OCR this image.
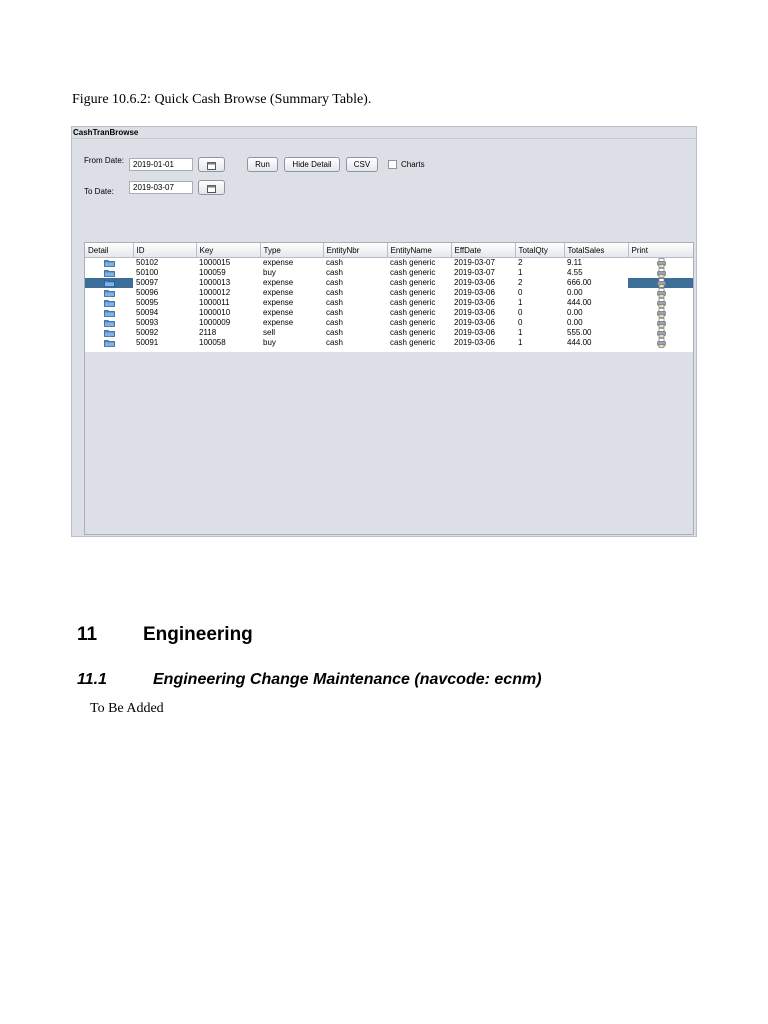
Figure 10.6.2: Quick Cash Browse (Summary Table).
CashTranBrowse
From Date:
2019-01-01	Run	Hide Detail	CSV	Charts
To Date:
2019-03-07
Detail	ID	Key	Type	EntityNbr	EntityName	EffDate	TotalQty	TotalSales	Print

	50102	1000015	expense	cash	cash generic	2019-03-07	2	9.11	

	50100	100059	buy	cash	cash generic	2019-03-07	1	4.55	

	50097	1000013	expense	cash	cash generic	2019-03-06	2	666.00	

	50096	1000012	expense	cash	cash generic	2019-03-06	0	0.00	

	50095	1000011	expense	cash	cash generic	2019-03-06	1	444.00	

	50094	1000010	expense	cash	cash generic	2019-03-06	0	0.00	

	50093	1000009	expense	cash	cash generic	2019-03-06	0	0.00	

	50092	2118	sell	cash	cash generic	2019-03-06	1	555.00	

	50091	100058	buy	cash	cash generic	2019-03-06	1	444.00	
11 Engineering
11.1	Engineering Change Maintenance (navcode: ecnm)
To Be Added
